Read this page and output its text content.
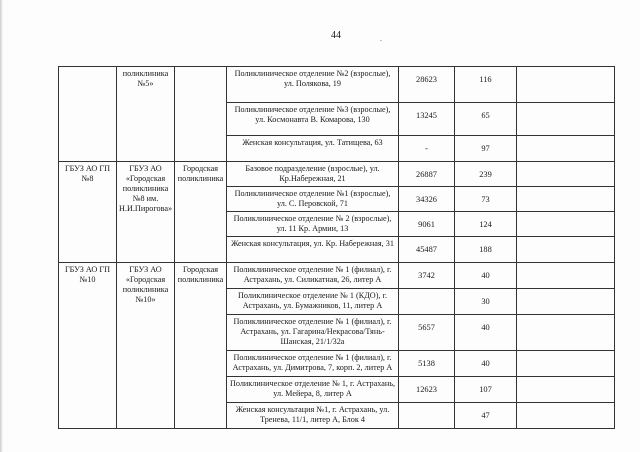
44	.
	поликлиника №5»		Поликлиническое отделение №2 (взрослые), ул. Полякова, 19	28623	116	
			Поликлиническое отделение №3 (взрослые), ул. Космонавта В. Комарова, 130	13245	65	
			Женская консультация, ул. Татищева, 63	-	97	
ГБУЗ АО ГП №8	ГБУЗ АО «Городская поликлиника №8 им. Н.И.Пирогова»	Городская поликлиника	Базовое подразделение (взрослые), ул. Кр.Набережная, 21	26887	239	
			Поликлиническое отделение №1 (взрослые), ул. С. Перовской, 71	34326	73	
			Поликлиническое отделение № 2 (взрослые), ул. 11 Кр. Армии, 13	9061	124	
			Женская консультация, ул. Кр. Набережная, 31	45487	188	
ГБУЗ АО ГП №10	ГБУЗ АО «Городская поликлиника №10»	Городская поликлиника	Поликлиническое отделение № 1 (филиал), г. Астрахань, ул. Силикатная, 26, литер А	3742	40	
			Поликлиническое отделение № 1 (КДО), г. Астрахань, ул. Бумажников, 11, литер А		30	
			Поликлиническое отделение № 1 (филиал), г. Астрахань, ул. Гагарина/Некрасова/Тянь-Шанская, 21/1/32а	5657	40	
			Поликлиническое отделение № 1 (филиал), г. Астрахань, ул. Димитрова, 7, корп. 2, литер А	5138	40	
			Поликлиническое отделение № 1, г. Астрахань, ул. Мейера, 8, литер А	12623	107	
			Женская консультация №1, г. Астрахань, ул. Тренева, 11/1, литер А, Блок 4		47	
